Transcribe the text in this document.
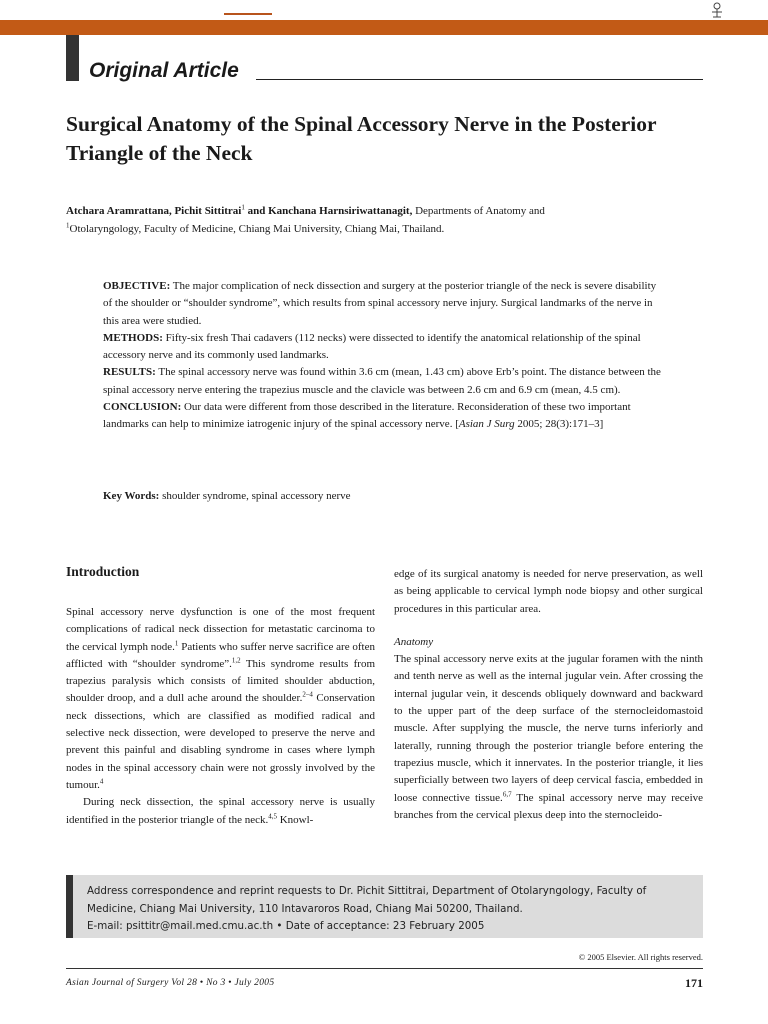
Original Article
Surgical Anatomy of the Spinal Accessory Nerve in the Posterior Triangle of the Neck
Atchara Aramrattana, Pichit Sittitrai$^1$ and Kanchana Harnsiriwattanagit, Departments of Anatomy and
$^1$Otolaryngology, Faculty of Medicine, Chiang Mai University, Chiang Mai, Thailand.

OBJECTIVE: The major complication of neck dissection and surgery at the posterior triangle of the neck is severe disability of the shoulder or “shoulder syndrome”, which results from spinal accessory nerve injury. Surgical landmarks of the nerve in this area were studied.

METHODS: Fifty-six fresh Thai cadavers (112 necks) were dissected to identify the anatomical relationship of the spinal accessory nerve and its commonly used landmarks.

RESULTS: The spinal accessory nerve was found within 3.6 cm (mean, 1.43 cm) above Erb’s point. The distance between the spinal accessory nerve entering the trapezius muscle and the clavicle was between 2.6 cm and 6.9 cm (mean, 4.5 cm).

CONCLUSION: Our data were different from those described in the literature. Reconsideration of these two important landmarks can help to minimize iatrogenic injury of the spinal accessory nerve. [Asian J Surg 2005; 28(3):171–3]

Key Words: shoulder syndrome, spinal accessory nerve

Introduction

Spinal accessory nerve dysfunction is one of the most frequent complications of radical neck dissection for metastatic carcinoma to the cervical lymph node.$^1$ Patients who suffer nerve sacrifice are often afflicted with “shoulder syndrome”.$^{1,2}$ This syndrome results from trapezius paralysis which consists of limited shoulder abduction, shoulder droop, and a dull ache around the shoulder.$^{2-4}$ Conservation neck dissections, which are classified as modified radical and selective neck dissection, were developed to preserve the nerve and prevent this painful and disabling syndrome in cases where lymph nodes in the spinal accessory chain were not grossly involved by the tumour.$^4$

During neck dissection, the spinal accessory nerve is usually identified in the posterior triangle of the neck.$^{4,5}$ Knowl-

edge of its surgical anatomy is needed for nerve preservation, as well as being applicable to cervical lymph node biopsy and other surgical procedures in this particular area.

Anatomy

The spinal accessory nerve exits at the jugular foramen with the ninth and tenth nerve as well as the internal jugular vein. After crossing the internal jugular vein, it descends obliquely downward and backward to the upper part of the deep surface of the sternocleidomastoid muscle. After supplying the muscle, the nerve turns inferiorly and laterally, running through the posterior triangle before entering the trapezius muscle, which it innervates. In the posterior triangle, it lies superficially between two layers of deep cervical fascia, embedded in loose connective tissue.$^{6,7}$ The spinal accessory nerve may receive branches from the cervical plexus deep into the sternocleido-

Address correspondence and reprint requests to Dr. Pichit Sittitrai, Department of Otolaryngology, Faculty of
Medicine, Chiang Mai University, 110 Intavaroros Road, Chiang Mai 50200, Thailand.
E-mail: psittitr@mail.med.cmu.ac.th • Date of acceptance: 23 February 2005
© 2005 Elsevier. All rights reserved.
Asian Journal of Surgery Vol 28 • No 3 • July 2005	171
